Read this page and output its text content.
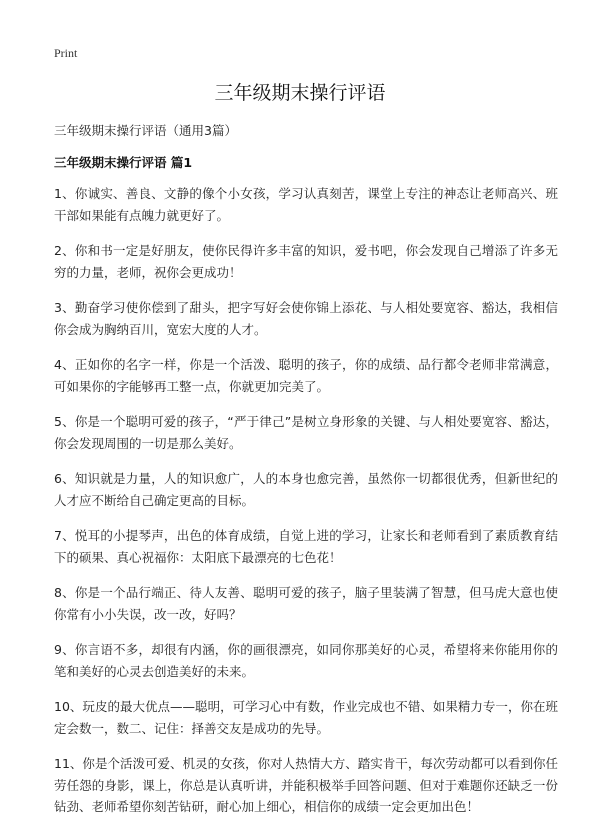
Print
三年级期末操行评语

三年级期末操行评语（通用3篇）

三年级期末操行评语 篇1

1、你诚实、善良、文静的像个小女孩，学习认真刻苦，课堂上专注的神态让老师高兴、班干部如果能有点魄力就更好了。

2、你和书一定是好朋友，使你民得许多丰富的知识，爱书吧，你会发现自己增添了许多无穷的力量，老师，祝你会更成功！

3、勤奋学习使你偿到了甜头，把字写好会使你锦上添花、与人相处要宽容、豁达，我相信你会成为胸纳百川，宽宏大度的人才。

4、正如你的名字一样，你是一个活泼、聪明的孩子，你的成绩、品行都令老师非常满意，可如果你的字能够再工整一点，你就更加完美了。

5、你是一个聪明可爱的孩子，“严于律己”是树立身形象的关键、与人相处要宽容、豁达，你会发现周围的一切是那么美好。

6、知识就是力量，人的知识愈广，人的本身也愈完善，虽然你一切都很优秀，但新世纪的人才应不断给自己确定更高的目标。

7、悦耳的小提琴声，出色的体育成绩，自觉上进的学习，让家长和老师看到了素质教育结下的硕果、真心祝福你：太阳底下最漂亮的七色花！

8、你是一个品行端正、待人友善、聪明可爱的孩子，脑子里装满了智慧，但马虎大意也使你常有小小失误，改一改，好吗？

9、你言语不多，却很有内涵，你的画很漂亮，如同你那美好的心灵，希望将来你能用你的笔和美好的心灵去创造美好的未来。

10、玩皮的最大优点——聪明，可学习心中有数，作业完成也不错、如果精力专一，你在班定会数一，数二、记住：择善交友是成功的先导。

11、你是个活泼可爱、机灵的女孩，你对人热情大方、踏实肯干，每次劳动都可以看到你任劳任怨的身影，课上，你总是认真听讲，并能积极举手回答问题、但对于难题你还缺乏一份钻劲、老师希望你刻苦钻研，耐心加上细心，相信你的成绩一定会更加出色！
